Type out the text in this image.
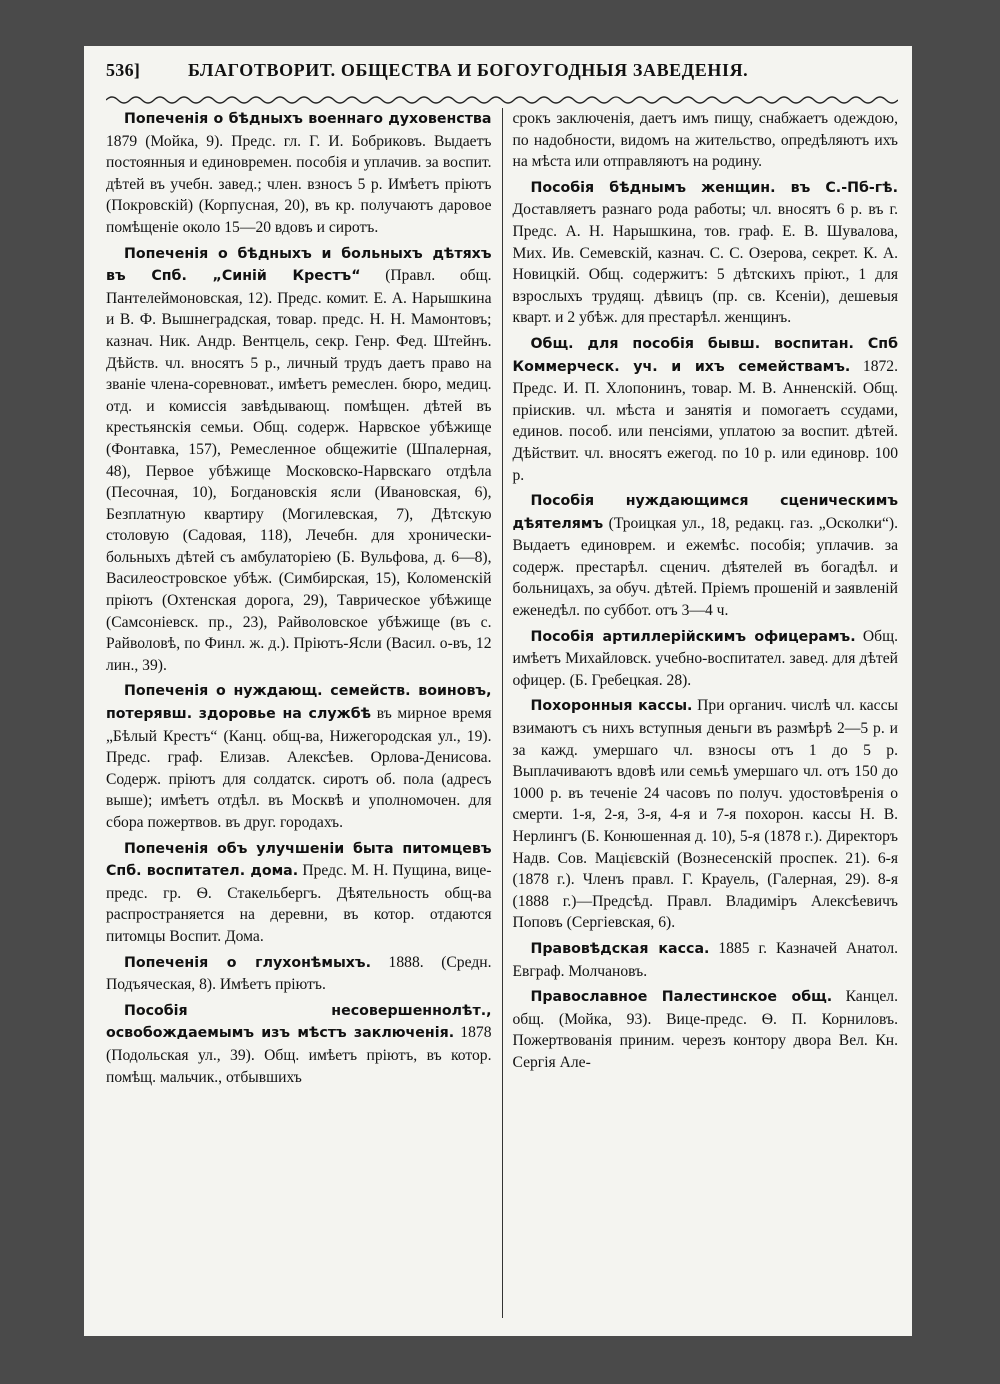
536]	БЛАГОТВОРИТ. ОБЩЕСТВА И БОГОУГОДНЫЯ ЗАВЕДЕНІЯ.

Попеченія о бѣдныхъ военнаго духовенства 1879 (Мойка, 9). Предс. гл. Г. И. Бобриковъ. Выдаетъ постоянныя и единовремен. пособія и уплачив. за воспит. дѣтей въ учебн. завед.; член. взносъ 5 р. Имѣетъ пріютъ (Покровскій) (Корпусная, 20), въ кр. получаютъ даровое помѣщеніе около 15—20 вдовъ и сиротъ.

Попеченія о бѣдныхъ и больныхъ дѣтяхъ въ Спб. „Синій Крестъ“ (Правл. общ. Пантелеймоновская, 12). Предс. комит. Е. А. Нарышкина и В. Ф. Вышнеградская, товар. предс. Н. Н. Мамонтовъ; казнач. Ник. Андр. Вентцель, секр. Генр. Фед. Штейнъ. Дѣйств. чл. вносятъ 5 р., личный трудъ даетъ право на званіе члена-соревноват., имѣетъ ремеслен. бюро, медиц. отд. и комиссія завѣдывающ. помѣщен. дѣтей въ крестьянскія семьи. Общ. содерж. Нарвское убѣжище (Фонтавка, 157), Ремесленное общежитіе (Шпалерная, 48), Первое убѣжище Московско-Нарвскаго отдѣла (Песочная, 10), Богдановскія ясли (Ивановская, 6), Безплатную квартиру (Могилевская, 7), Дѣтскую столовую (Садовая, 118), Лечебн. для хронически-больныхъ дѣтей съ амбулаторіею (Б. Вульфова, д. 6—8), Василеостровское убѣж. (Симбирская, 15), Коломенскій пріютъ (Охтенская дорога, 29), Таврическое убѣжище (Самсоніевск. пр., 23), Райволовское убѣжище (въ с. Райволовѣ, по Финл. ж. д.). Пріютъ-Ясли (Васил. о-въ, 12 лин., 39).

Попеченія о нуждающ. семейств. воиновъ, потерявш. здоровье на службѣ въ мирное время „Бѣлый Крестъ“ (Канц. общ-ва, Нижегородская ул., 19). Предс. граф. Елизав. Алексѣев. Орлова-Денисова. Содерж. пріютъ для солдатск. сиротъ об. пола (адресъ выше); имѣетъ отдѣл. въ Москвѣ и уполномочен. для сбора пожертвов. въ друг. городахъ.

Попеченія объ улучшеніи быта питомцевъ Спб. воспитател. дома. Предс. М. Н. Пущина, вице-предс. гр. Ѳ. Стакельбергъ. Дѣятельность общ-ва распространяется на деревни, въ котор. отдаются питомцы Воспит. Дома.

Попеченія о глухонѣмыхъ. 1888. (Средн. Подъяческая, 8). Имѣетъ пріютъ.

Пособія несовершеннолѣт., освобождаемымъ изъ мѣстъ заключенія. 1878 (Подольская ул., 39). Общ. имѣетъ пріютъ, въ котор. помѣщ. мальчик., отбывшихъ

срокъ заключенія, даетъ имъ пищу, снабжаетъ одеждою, по надобности, видомъ на жительство, опредѣляютъ ихъ на мѣста или отправляютъ на родину.

Пособія бѣднымъ женщин. въ С.-Пб-гѣ. Доставляетъ разнаго рода работы; чл. вносятъ 6 р. въ г. Предс. А. Н. Нарышкина, тов. граф. Е. В. Шувалова, Мих. Ив. Семевскій, казнач. С. С. Озерова, секрет. К. А. Новицкій. Общ. содержитъ: 5 дѣтскихъ пріют., 1 для взрослыхъ трудящ. дѣвицъ (пр. св. Ксеніи), дешевыя кварт. и 2 убѣж. для престарѣл. женщинъ.

Общ. для пособія бывш. воспитан. Спб Коммерческ. уч. и ихъ семействамъ. 1872. Предс. И. П. Хлопонинъ, товар. М. В. Анненскій. Общ. пріискив. чл. мѣста и занятія и помогаетъ ссудами, единов. пособ. или пенсіями, уплатою за воспит. дѣтей. Дѣйствит. чл. вносятъ ежегод. по 10 р. или единовр. 100 р.

Пособія нуждающимся сценическимъ дѣятелямъ (Троицкая ул., 18, редакц. газ. „Осколки“). Выдаетъ единоврем. и ежемѣс. пособія; уплачив. за содерж. престарѣл. сценич. дѣятелей въ богадѣл. и больницахъ, за обуч. дѣтей. Пріемъ прошеній и заявленій еженедѣл. по суббот. отъ 3—4 ч.

Пособія артиллерійскимъ офицерамъ. Общ. имѣетъ Михайловск. учебно-воспитател. завед. для дѣтей офицер. (Б. Гребецкая. 28).

Похоронныя кассы. При органич. числѣ чл. кассы взимаютъ съ нихъ вступныя деньги въ размѣрѣ 2—5 р. и за кажд. умершаго чл. взносы отъ 1 до 5 р. Выплачиваютъ вдовѣ или семьѣ умершаго чл. отъ 150 до 1000 р. въ теченіе 24 часовъ по получ. удостовѣренія о смерти. 1-я, 2-я, 3-я, 4-я и 7-я похорон. кассы Н. В. Нерлингъ (Б. Конюшенная д. 10), 5-я (1878 г.). Директоръ Надв. Сов. Мацієвскій (Вознесенскій проспек. 21). 6-я (1878 г.). Членъ правл. Г. Крауель, (Галерная, 29). 8-я (1888 г.)—Предсѣд. Правл. Владиміръ Алексѣевичъ Поповъ (Сергіевская, 6).

Правовѣдская касса. 1885 г. Казначей Анатол. Евграф. Молчановъ.

Православное Палестинское общ. Канцел. общ. (Мойка, 93). Вице-предс. Ѳ. П. Корниловъ. Пожертвованія приним. черезъ контору двора Вел. Кн. Сергія Але-
